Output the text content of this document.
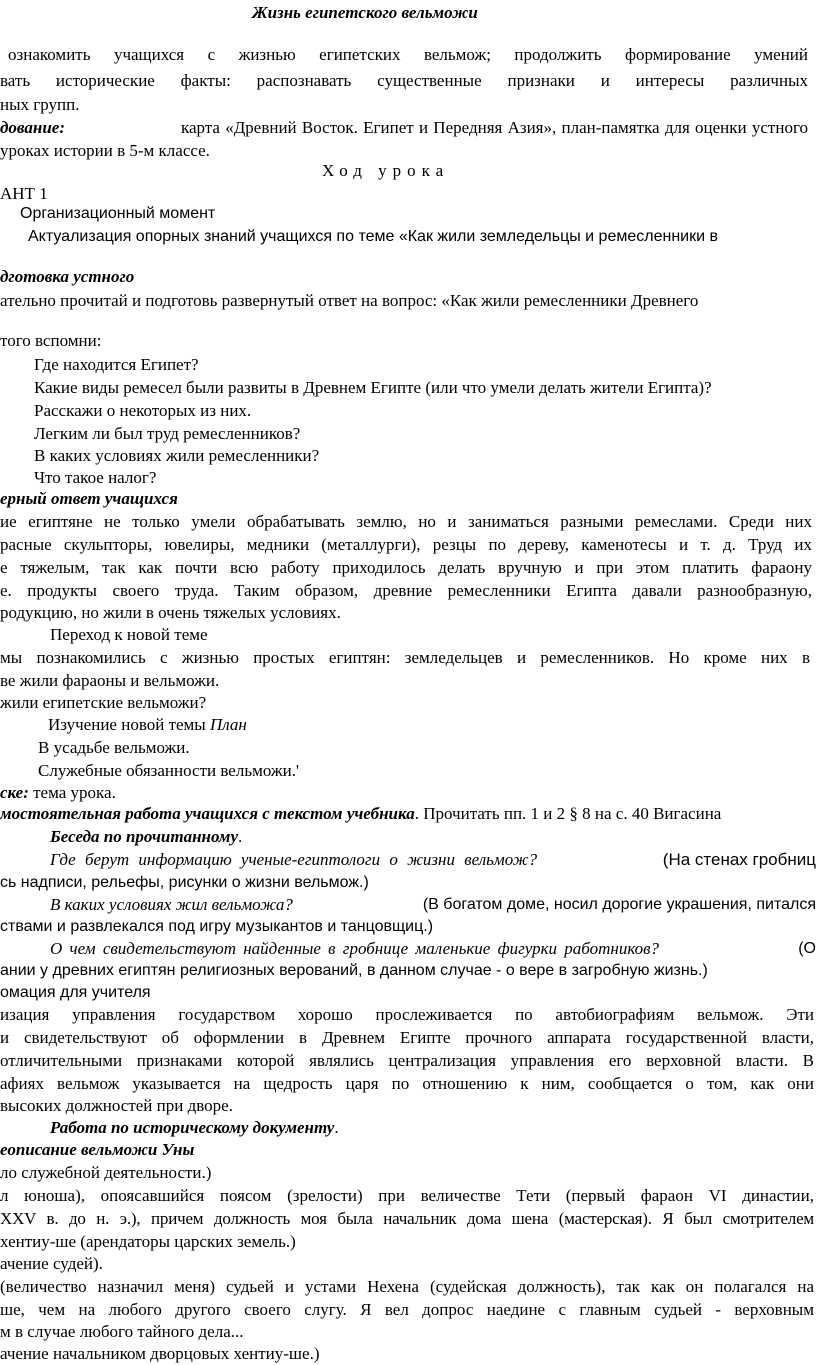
Жизнь египетского вельможи
ознакомить учащихся с жизнью египетских вельмож; продолжить формирование умений
вать исторические факты: распознавать существенные признаки и интересы различных
ных групп.
дование:	карта «Древний Восток. Египет и Передняя Азия», план-памятка для оценки устного
уроках истории в 5-м классе.
Ход урока
АНТ 1
Организационный момент
Актуализация опорных знаний учащихся по теме «Как жили земледельцы и ремесленники в
дготовка устного
ательно прочитай и подготовь развернутый ответ на вопрос: «Как жили ремесленники Древнего
того вспомни:
Где находится Египет?
Какие виды ремесел были развиты в Древнем Египте (или что умели делать жители Египта)?
Расскажи о некоторых из них.
Легким ли был труд ремесленников?
В каких условиях жили ремесленники?
Что такое налог?
ерный ответ учащихся
ие египтяне не только умели обрабатывать землю, но и заниматься разными ремеслами. Среди них
расные скульпторы, ювелиры, медники (металлурги), резцы по дереву, каменотесы и т. д. Труд их
е тяжелым, так как почти всю работу приходилось делать вручную и при этом платить фараону
е. продукты своего труда. Таким образом, древние ремесленники Египта давали разнообразную,
родукцию, но жили в очень тяжелых условиях.
Переход к новой теме
мы познакомились с жизнью простых египтян: земледельцев и ремесленников. Но кроме них в
ве жили фараоны и вельможи.
жили египетские вельможи?
Изучение новой темы План
В усадьбе вельможи.
Служебные обязанности вельможи.'
ске: тема урока.
мостоятельная работа учащихся с текстом учебника. Прочитать пп. 1 и 2 § 8 на с. 40 Вигасина
Беседа по прочитанному.
Где берут информацию ученые-египтологи о жизни вельмож?	(На стенах гробниц
сь надписи, рельефы, рисунки о жизни вельмож.)
В каких условиях жил вельможа?	(В богатом доме, носил дорогие украшения, питался
ствами и развлекался под игру музыкантов и танцовщиц.)
О чем свидетельствуют найденные в гробнице маленькие фигурки работников?	(О
ании у древних египтян религиозных верований, в данном случае - о вере в загробную жизнь.)
омация для учителя
изация управления государством хорошо прослеживается по автобиографиям вельмож. Эти
и свидетельствуют об оформлении в Древнем Египте прочного аппарата государственной власти,
отличительными признаками которой являлись централизация управления его верховной власти. В
афиях вельмож указывается на щедрость царя по отношению к ним, сообщается о том, как они
высоких должностей при дворе.
Работа по историческому документу.
еописание вельможи Уны
ло служебной деятельности.)
л юноша), опоясавшийся поясом (зрелости) при величестве Тети (первый фараон VI династии,
XXV в. до н. э.), причем должность моя была начальник дома шена (мастерская). Я был смотрителем
хентиу-ше (арендаторы царских земель.)
ачение судей).
(величество назначил меня) судьей и устами Нехена (судейская должность), так как он полагался на
ше, чем на любого другого своего слугу. Я вел допрос наедине с главным судьей - верховным
м в случае любого тайного дела...
ачение начальником дворцовых хентиу-ше.)
